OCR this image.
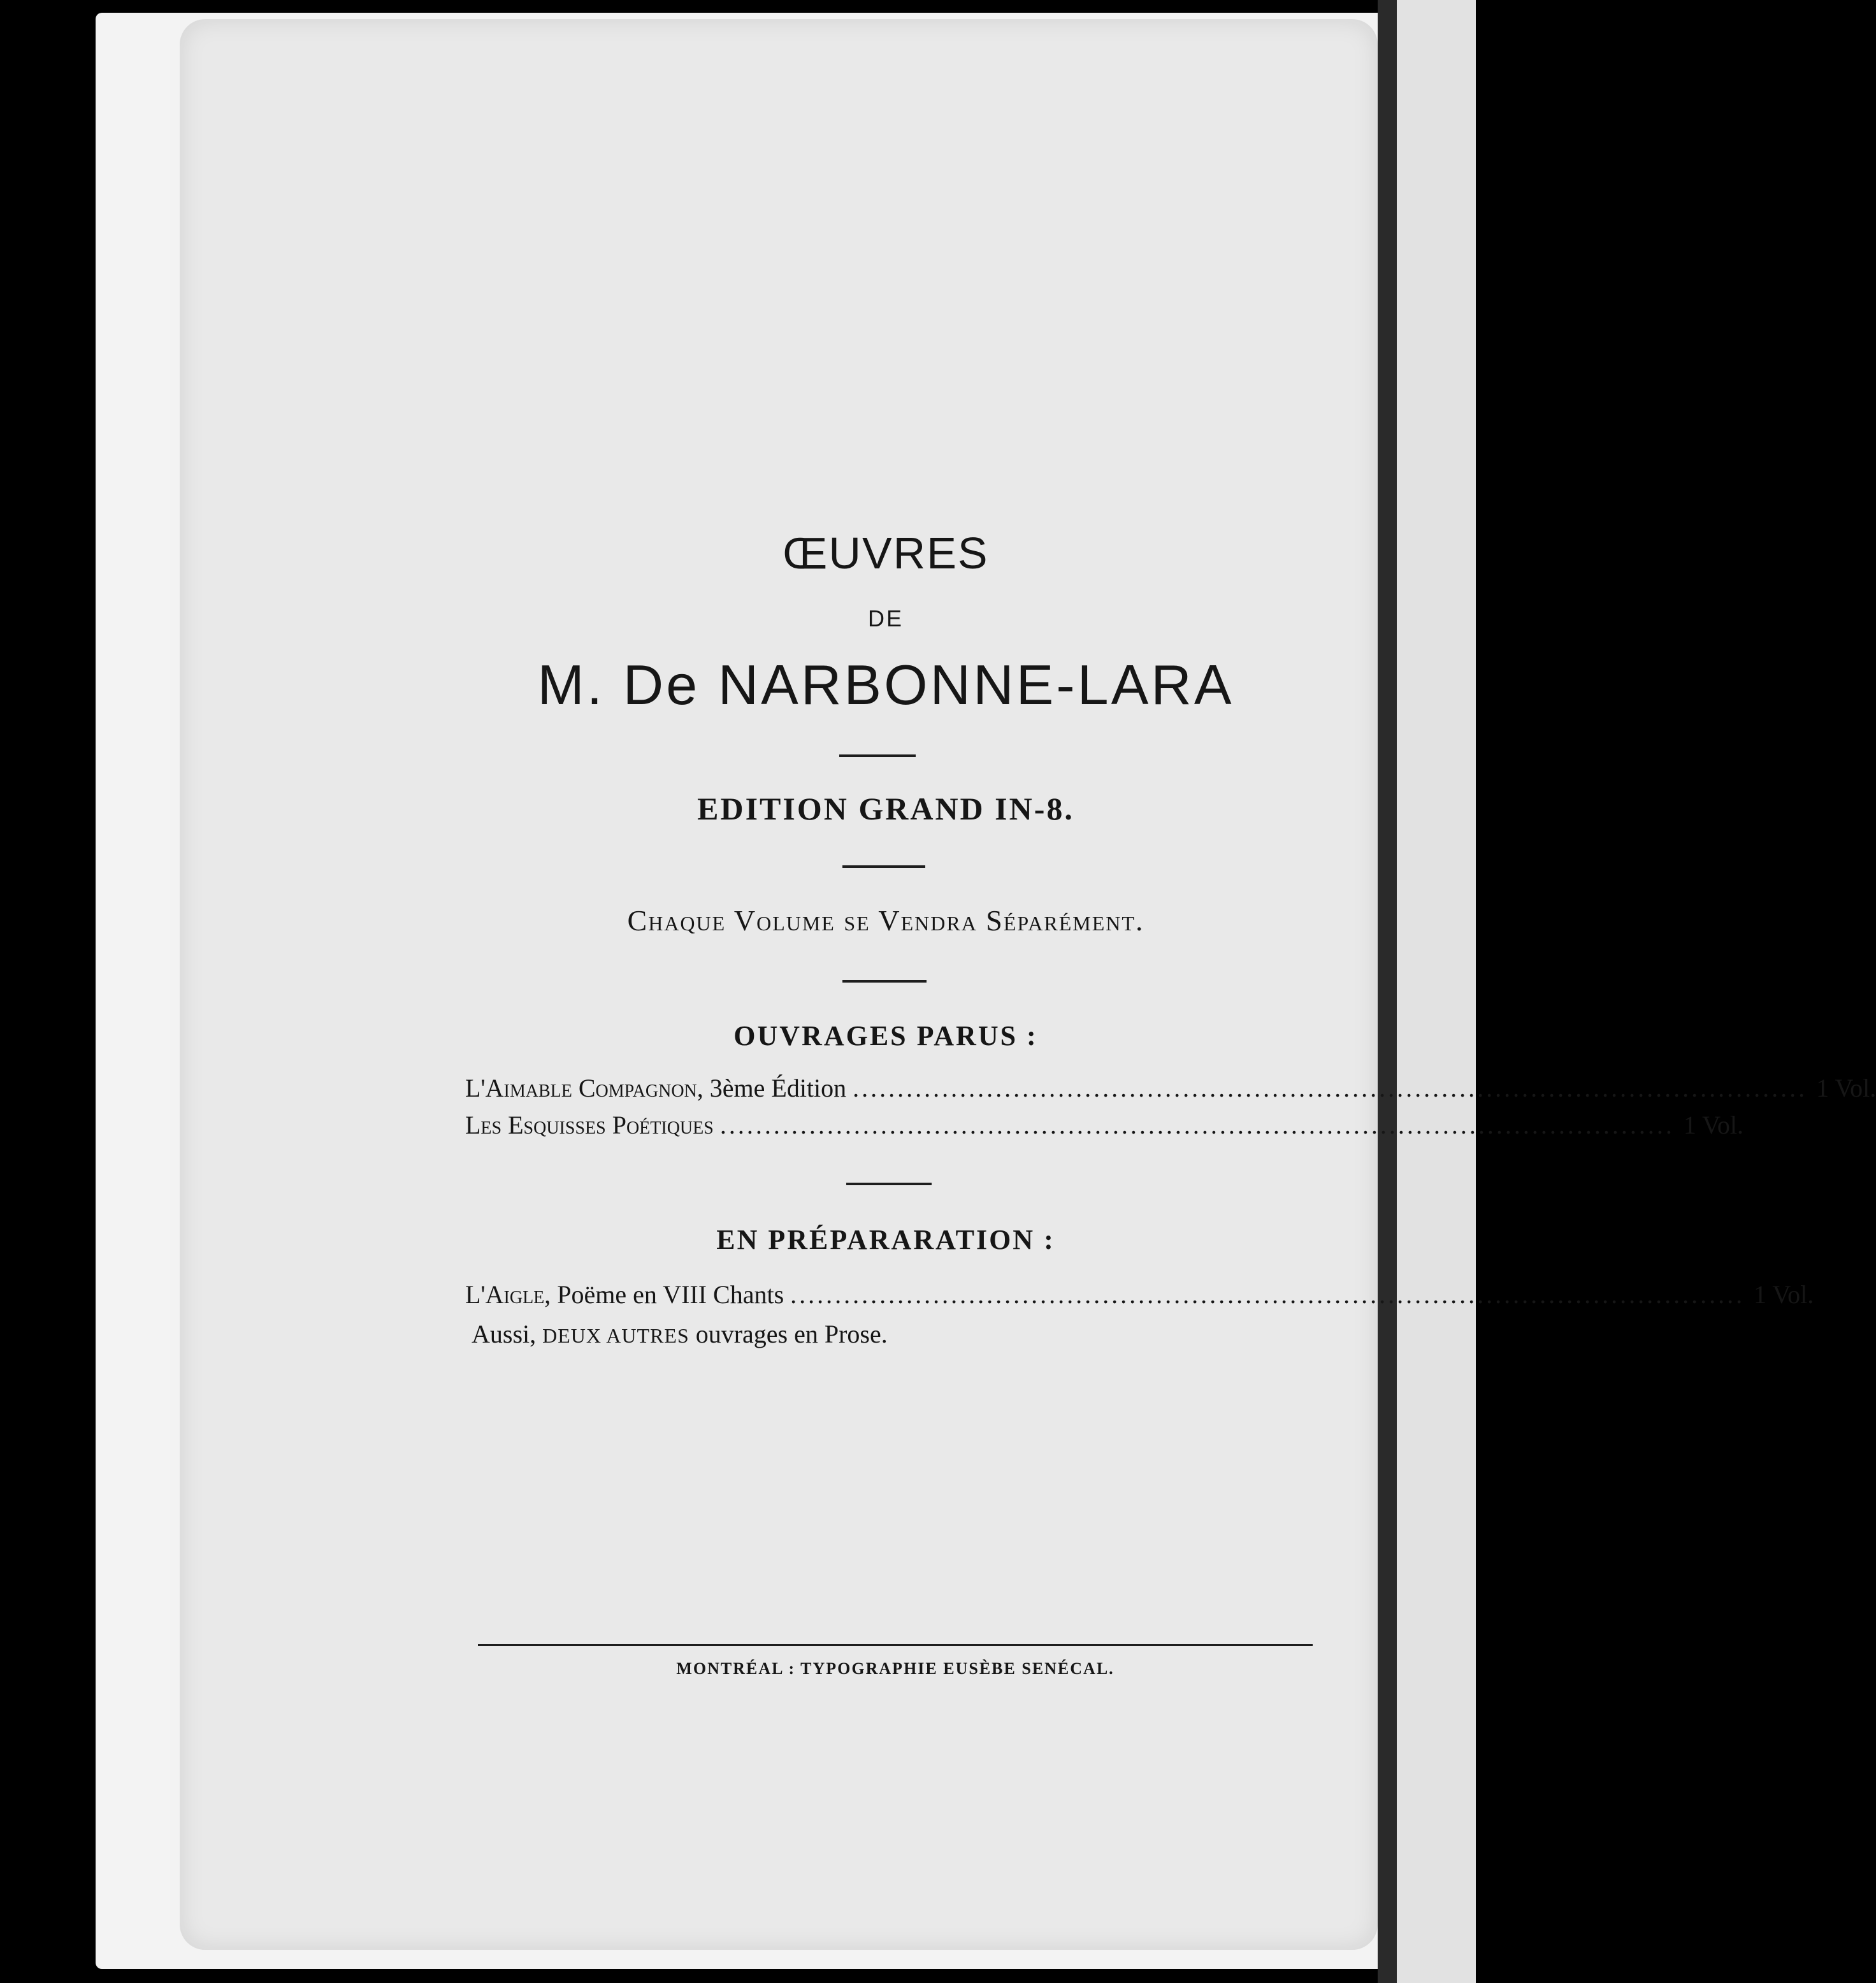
ŒUVRES
DE
M. De NARBONNE-LARA
EDITION GRAND IN-8.
Chaque Volume se Vendra Séparément.
OUVRAGES PARUS :
L'Aimable Compagnon , 3ème Édition ........................................................................................................... 1 Vol.
Les Esquisses Poétiques ........................................................................................................... 1 Vol.
EN PRÉPARARATION :
L'Aigle , Poëme en VIII Chants ........................................................................................................... 1 Vol.
Aussi, DEUX AUTRES ouvrages en Prose.
MONTRÉAL : TYPOGRAPHIE EUSÈBE SENÉCAL.
